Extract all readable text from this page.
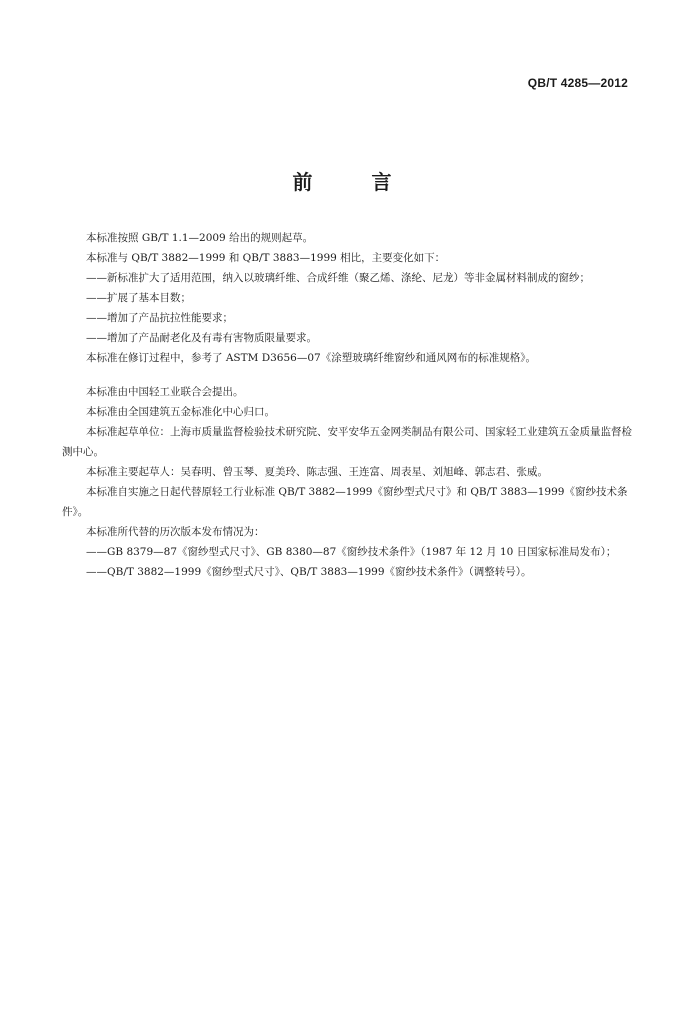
QB/T 4285—2012
前 言

本标准按照 GB/T 1.1—2009 给出的规则起草。

本标准与 QB/T 3882—1999 和 QB/T 3883—1999 相比，主要变化如下：

——新标准扩大了适用范围，纳入以玻璃纤维、合成纤维（聚乙烯、涤纶、尼龙）等非金属材料制成的窗纱；

——扩展了基本目数；

——增加了产品抗拉性能要求；

——增加了产品耐老化及有毒有害物质限量要求。

本标准在修订过程中，参考了 ASTM D3656—07《涂塑玻璃纤维窗纱和通风网布的标准规格》。

本标准由中国轻工业联合会提出。

本标准由全国建筑五金标准化中心归口。

本标准起草单位：上海市质量监督检验技术研究院、安平安华五金网类制品有限公司、国家轻工业建筑五金质量监督检测中心。

本标准主要起草人：吴春明、曾玉琴、夏美玲、陈志强、王连富、周表星、刘旭峰、郭志君、张威。

本标准自实施之日起代替原轻工行业标准 QB/T 3882—1999《窗纱型式尺寸》和 QB/T 3883—1999《窗纱技术条件》。

本标准所代替的历次版本发布情况为：

——GB 8379—87《窗纱型式尺寸》、GB 8380—87《窗纱技术条件》（1987 年 12 月 10 日国家标准局发布）；

——QB/T 3882—1999《窗纱型式尺寸》、QB/T 3883—1999《窗纱技术条件》（调整转号）。
